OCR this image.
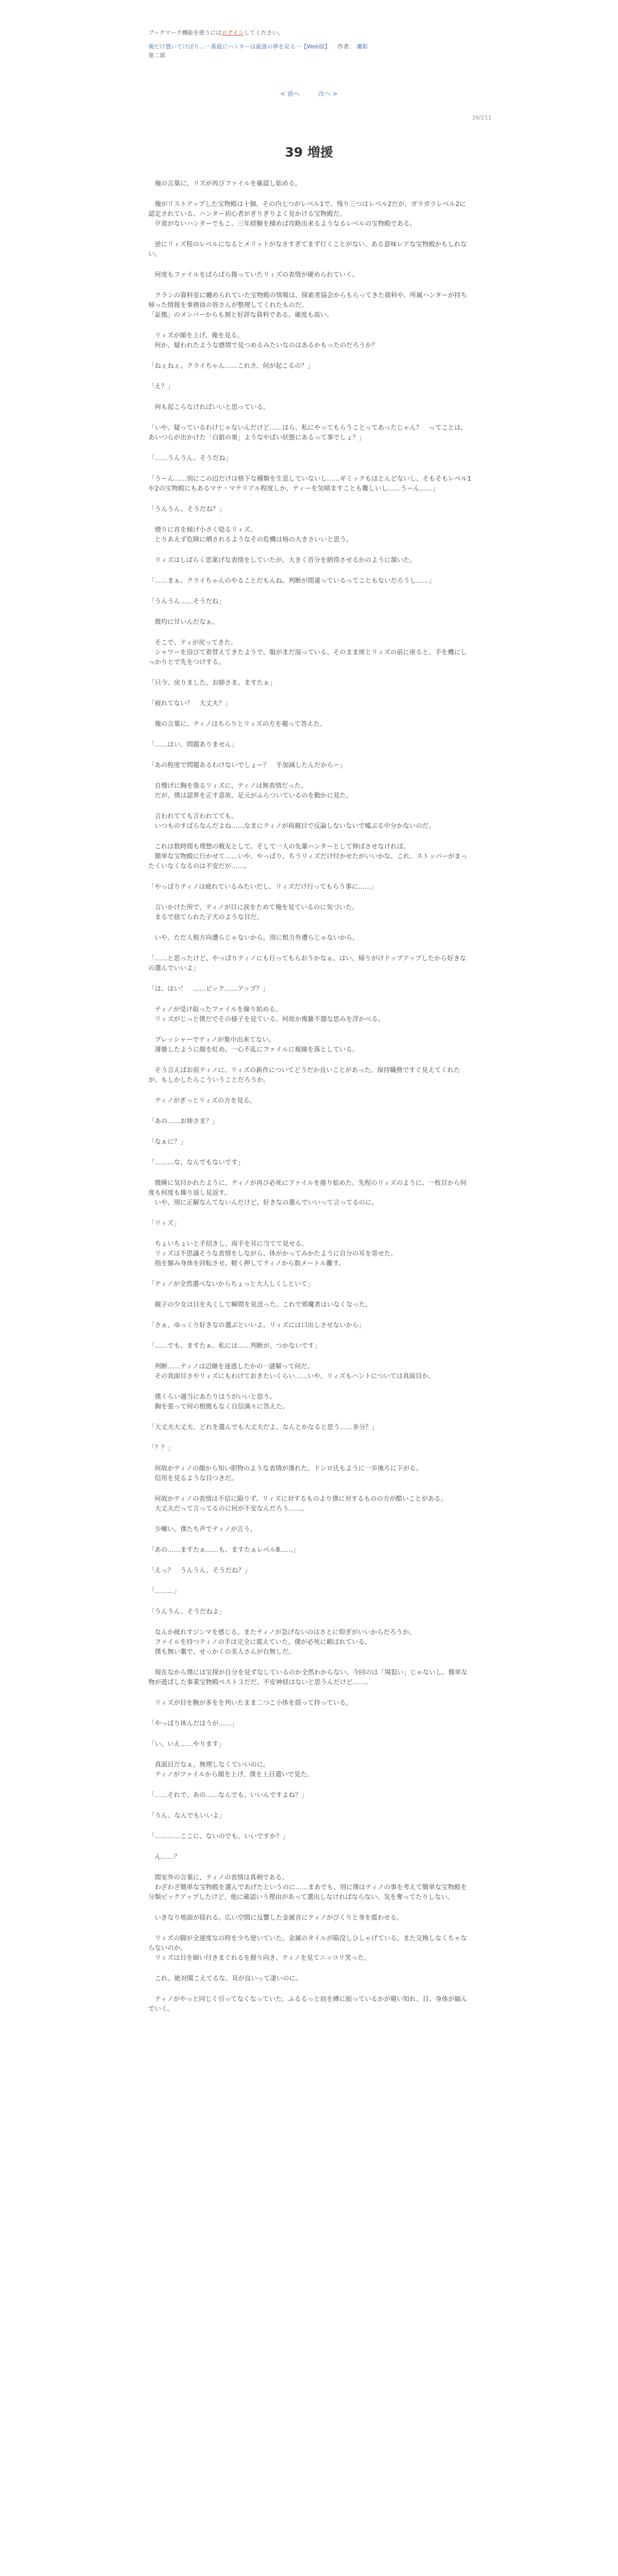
ブックマーク機能を使うにはログインしてください。
俺だけ置いてけぼり…一番最にハンターは最強の夢を見る一【Web版】 作者： 灘影
第二部
39/211
< 前へ	次へ >
39 増援

　俺の言葉に、リズが再びファイルを確認し始める。

　俺がリストアップした宝物殿は十個。その内七つがレベル1で、残り三つはレベル2だが、ガラガラレベル2に認定されている、ハンター初心者がぎりぎりよく見かける宝物殿だ。

　夕食がないハンターでもこ、三年経験を積めば攻略出来るようなるレベルの宝物殿である。

　逆にリィズ程のレベルになるとメリットがなさすぎてまず行くことがない、ある意味レアな宝物殿かもしれない。

　何度もファイルをぱらぱら捲っていたリィズの表情が硬められていく。

　クランの資料室に纏められていた宝物殿の情報は、探索者協会からもらってきた資料や、所属ハンターが持ち帰った情報を事務員の皆さんが整理してくれたものだ。

「証拠」のメンバーからも割と好評な資料である。確度も高い。

　リィズが顔を上げ、俺を見る。

　何か、疑われたような感情で見つめるみたいなのはあるかもったのだろうか？

「ねぇねぇ、クライちゃん……これさ、何が起こるの？」

「え？」

　何も起こらなければいいと思っている。

「いや、疑っているわけじゃないんだけど……ほら、私にやってもらうことってあったじゃん？　ってことは、あいつらが出かけた「白狼の巣」ようなやばい状態にあるって事でしょ？」

「……うんうん、そうだね」

「うーん……別にこの辺だけは格下な種類を生息していないし……ギミックもほとんどないし、そもそもレベル1や2の宝物殿にもあるマナ・マテリアル程度しか、ティーを気晴ますことも難しいし……うーん……」

「うんうん、そうだね？」

　煙りに首を傾げ小さく唸るリィズ。

　とりあえず危険に晒されるようなその危機は格の大きさいいと思う。

　リィズはしばらく思案げな表情をしていたが、大きく首分を納得させるかのように頷いた。

「……まぁ、クライちゃんのやることだもんね。判断が間違っているってこともないだろうし……」

「うんうん……そうだね」

　微均に甘いんだなぁ。

　そこで、ティが戻ってきた。

　シャワーを浴びて着替えてきたようで、服がまだ湿っている。そのまま席とリィズの前に座ると、手を機にしっかりとで先をつけする。

「只今、戻りました。お師さま、ますたぁ」

「疲れてない？　大丈夫？」

　俺の言葉に、ティノはちらりとリィズの方を覗って答えた。

「……はい。問題ありません」

「あの程度で問題あるわけないでしょー？　手加減したんだからー」

　自慢げに胸を張るリィズに、ティノは無表情だった。

　だが、僕は認界を正す意欲、足元がふらついているのを動かに見た。

　言われてても言われてても。

　いつものすばらなんだよね……なまにティノが両親目で反論しないないで嘘ぶる中分かないのだ。

　これは数時間も理想の戦友として。そして一人の先輩ハンターとして伸ばさせなければ。

　簡単な宝物殿に行かせて……いや、やっぱり、ちうリィズだけ付かせたがいいかな、これ、ストッパーがまったくいなくなるのは不安だが……。

「やっぱりティノは疲れているみたいだし、リィズだけ行ってもらう事に……」

　言いかけた所で、ティノが目に涙をためて俺を見ているのに気づいた。

　まるで捨てられた子犬のような目だ。

　いや、ただ人根方向遭らじゃないから。別に根力外遭らじゃないから。

「……と思ったけど、やっぱりティノにも行ってもらおうかなぁ。はい、帰りがけドップアップしたから好きなの選んでいいよ」

「は、はい！　……ピック……アップ？」

　ティノが受け取ったファイルを繰り始める。

　リィズがじっと僕だでその様子を見ている。何故か複雑不器な思みを浮かべる。

　プレッシャーでティノが集中出来てない。

　薄曇したように顔を紅め、一心不乱にファイルに視線を落としている。

　そう言えばお前ティノに、リィズの新作についてどうだか良いことがあった、保持職務ですぐ見えてくれたが、もしかしたらこういうことだろうか。

　ティノがぎっとリィズの方を見る。

「あの……お姉さま？」

「なぁに？」

「………な、なんでもないです」

　微睡に気付かれたように、ティノが再び必死にファイルを捲り始めた。先程のリィズのように、一枚目から何度も何度も繰り返し見返す。

　いや、別に正解なんてないんだけど。好きなの選んでいいって言ってるのに。

「リィズ」

　ちょいちょいと手招きし、両手を耳に当てて見せる。

　リィズは不思議そうな表情をしながら、体がかってみかたように自分の耳を寄せた。

　指を額み身体を回転させ、軽く押してティノから数メートル離す。

「ティノが全然選べないからちょっと大人しくしといて」

　親子の少女は目を丸くして瞬間を見送った。これで邪魔者はいなくなった。

「さぁ、ゆっくり好きなの選ぶといいよ。リィズには口出しさせないから」

「……でも、ますたぁ。私には……判断が、つかないです」

　判断……ティノは辺継を迷惑したかの一謎解って何だ。

　その真面目さやリィズにもわけておきたいくらい……いや、リィズもハントについては真面目か。

　僕くらい適当にあたりほうがいいと思う。

　胸を張って何の根拠もなく自信満々に答えた。

「大丈夫大丈夫、どれを選んでも大丈夫だよ、なんとかなると思う……多分？」

「？？」

　何故かティノの顔から知い胆物のような表情が滲れた。ドンロ氏もように一歩後ろに下がる。

　信用を見るような目つきだ。

　何故かティノの表情は不信に陥りず、リィズに対するものより僕に対するものの方が酷いことがある。

　大丈夫だって言ってるのに何が不安なんだろう……。

　少噸い。僕たち声でティノが言う。

「あの……ますたぁ……も、ますたぁレベル8……」

「えっ？　うんうん、そうだね？」

「………」

「うんうん、そうだねよ」

　なんか疲れすジンマを感じる。またティノが急げないのはさとに仰ぎがいいからだろうか。

　ファイルを持つティノの手は完全に震えていた。僕が必死に頼ばれている。

　僕も無い奮で、せっかくの美人さんが台無しだ。

　現在なから僕には宝探が自分を見ずなしているのか全然わからない。今回のは「場狙い」じゃないし、簡単な物が遊ばした事業宝物殿ベスト３だだ。不安神経はないと思うんだけど……。

　リィズが目を腕が多をを判いたまま二つこ小体を揺って持っている。

「やっぱり休んだほうが……」

「い、いえ……やります」

　真面目だなぁ。無理しなくていいのに。

　ティノがファイルから顔を上げ、僕を上目遣いで見た。

「……それで、あの……なんでも、いいんですよね？」

「うん、なんでもいいよ」

「…………ここに、ないのでも、いいですか？」

　ん……？

　間室外の言葉に、ティノの表情は真剣である。

　わざわざ簡単な宝物殿を選んであげたというのに……まあでも、別に僕はティノの事を考えて簡単な宝物殿を分類ビックアップしたけど、他に確認いう理由があって選出しなければならない、気を奪ってたりしない。

　いきなり地面が揺れる。広い空間に反響した金属音にティノがびくりと身を震わせる。

　リィズの脚が全速度なの時を少ち使いていた。金属のタイルが陥没しひしゃげている。また交換しなくちゃならないのか。

　リィズは目を細い付きまぐれるを握り向き、ティノを見てニッコリ笑った。

　これ、絶対聞こえてるな。耳が良いって凄いのに。

　ティノがやっと同じく引ってなくなっていた。ふるるっと肩を縛に振っているかが窺い知れ、目、身体が縮んでいく。
